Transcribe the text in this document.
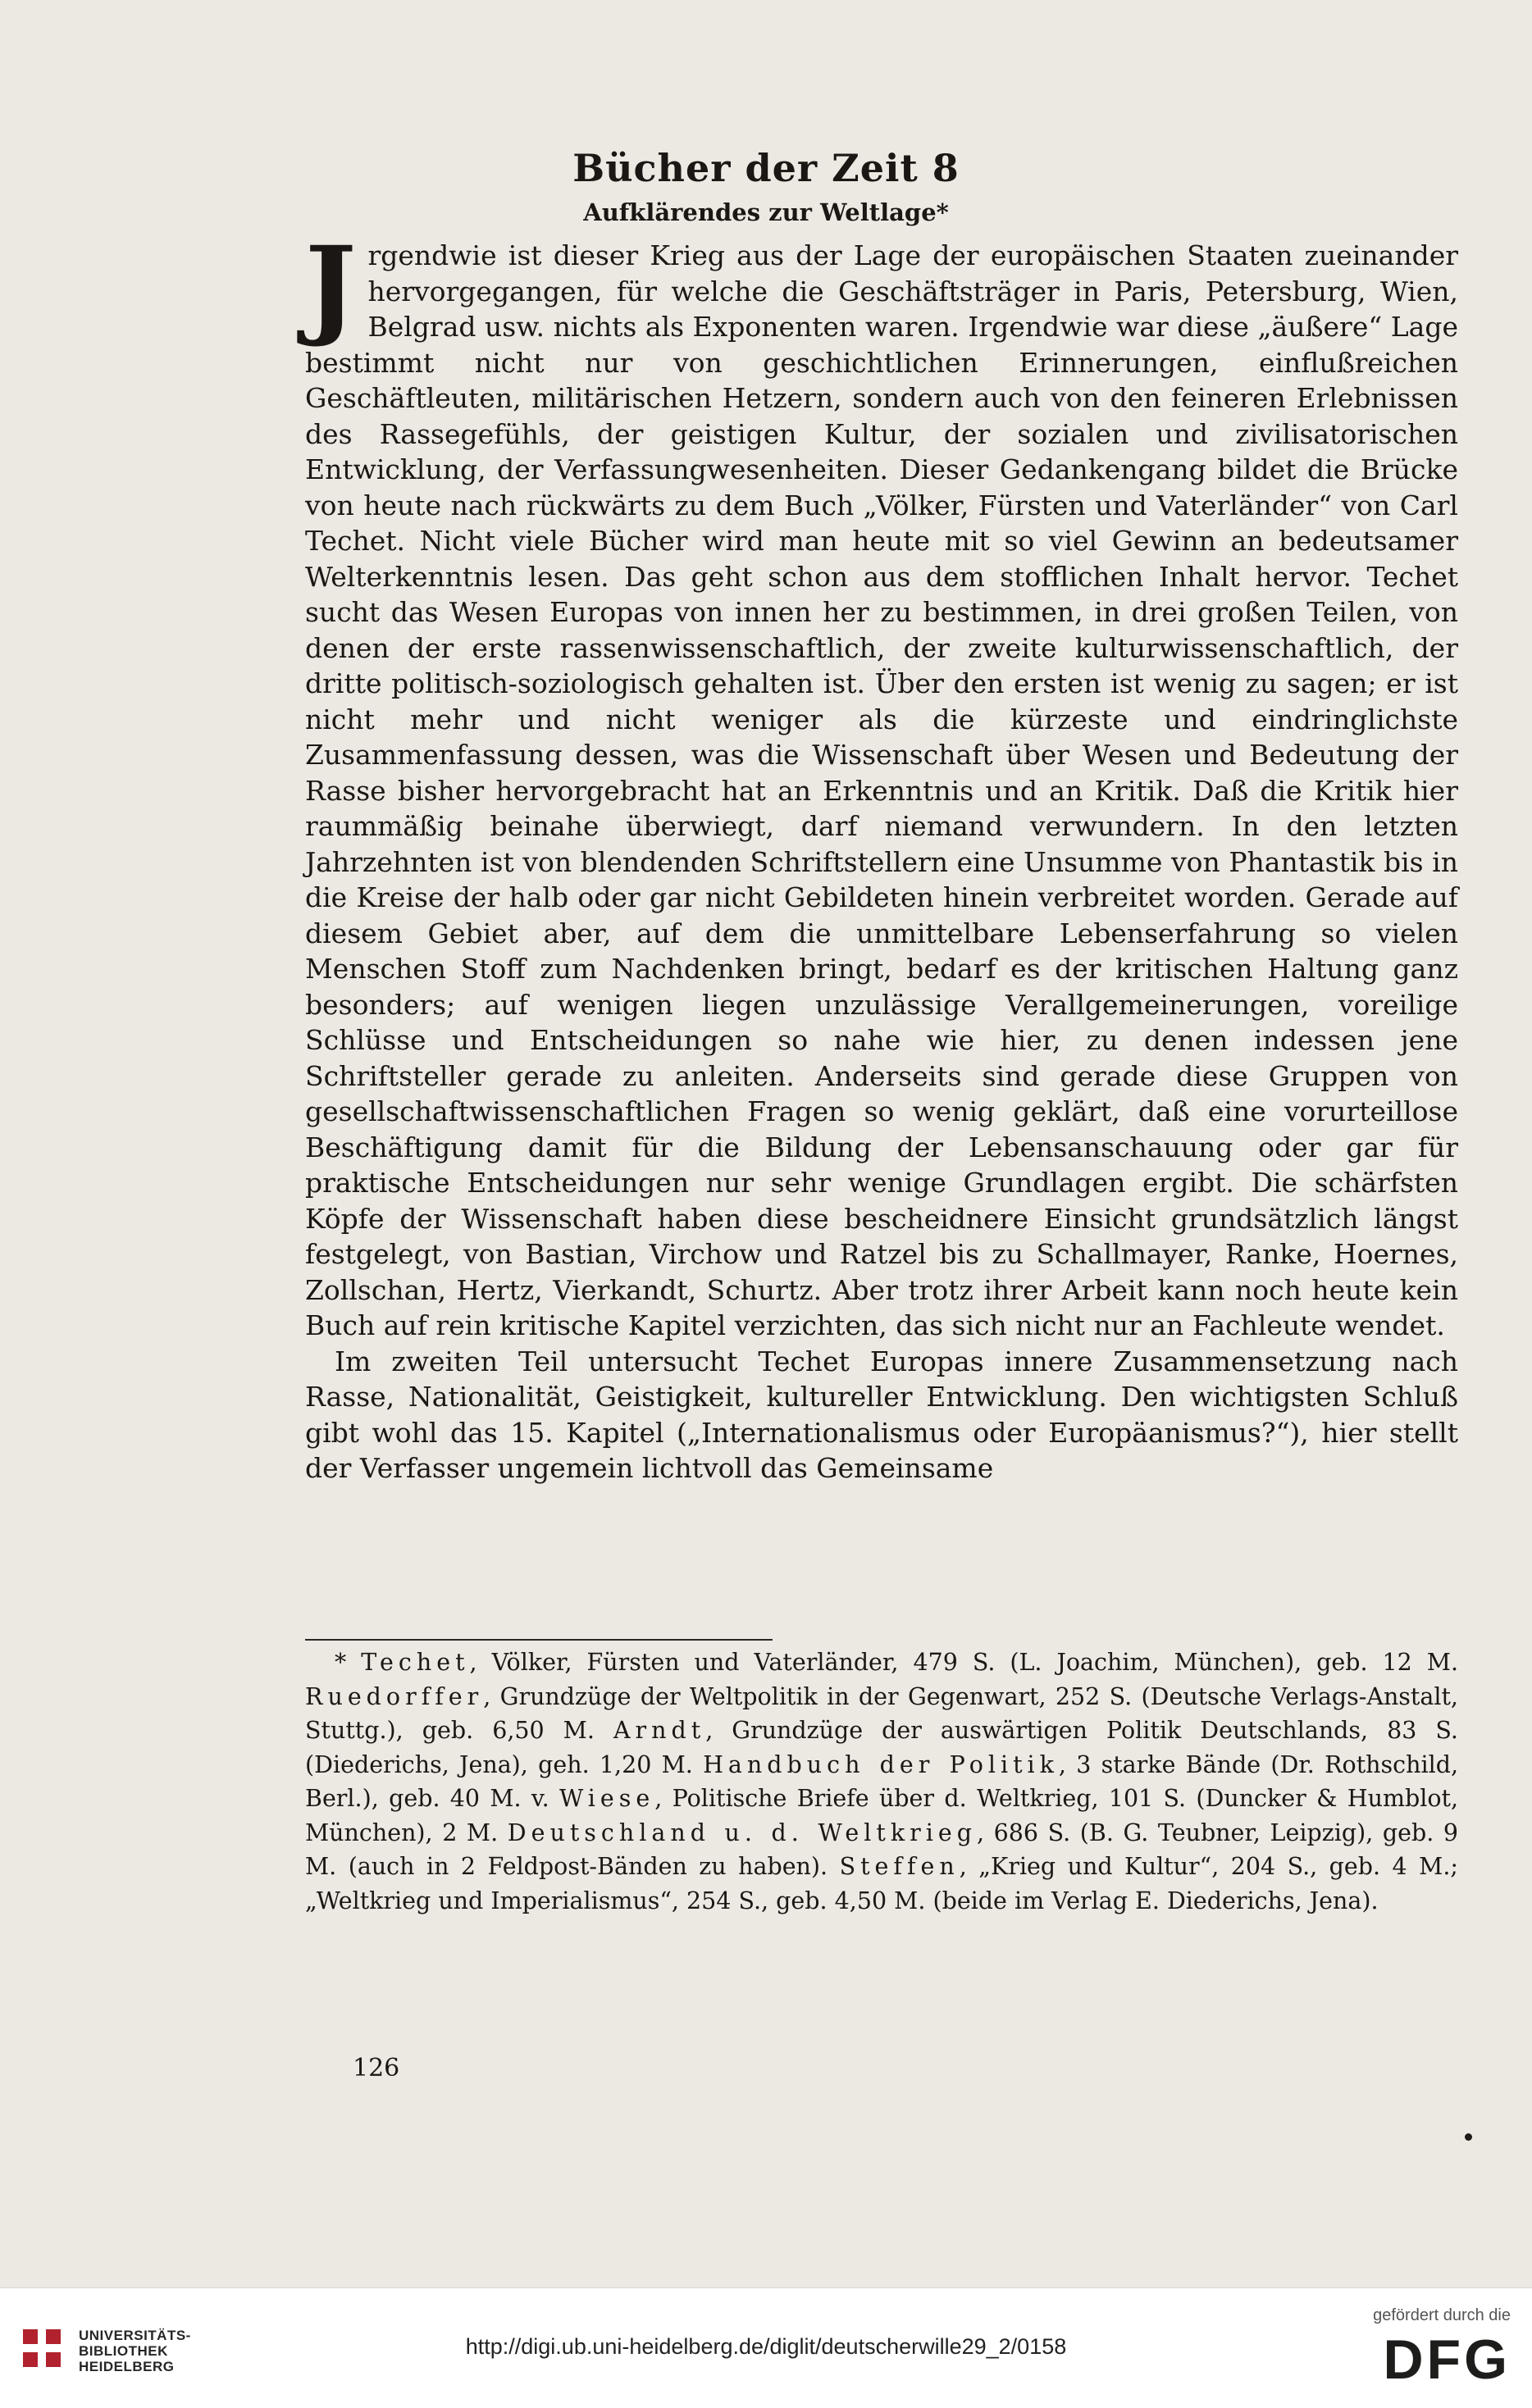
Bücher der Zeit 8
Aufklärendes zur Weltlage*

Jrgendwie ist dieser Krieg aus der Lage der europäischen Staaten zueinander hervorgegangen, für welche die Geschäftsträger in Paris, Petersburg, Wien, Belgrad usw. nichts als Exponenten waren. Irgendwie war diese „äußere“ Lage bestimmt nicht nur von geschichtlichen Erinnerungen, einflußreichen Geschäftleuten, militärischen Hetzern, sondern auch von den feineren Erlebnissen des Rassegefühls, der geistigen Kultur, der sozialen und zivilisatorischen Entwicklung, der Verfassungwesenheiten. Dieser Gedankengang bildet die Brücke von heute nach rückwärts zu dem Buch „Völker, Fürsten und Vaterländer“ von Carl Techet. Nicht viele Bücher wird man heute mit so viel Gewinn an bedeutsamer Welterkenntnis lesen. Das geht schon aus dem stofflichen Inhalt hervor. Techet sucht das Wesen Europas von innen her zu bestimmen, in drei großen Teilen, von denen der erste rassenwissenschaftlich, der zweite kulturwissenschaftlich, der dritte politisch-soziologisch gehalten ist. Über den ersten ist wenig zu sagen; er ist nicht mehr und nicht weniger als die kürzeste und eindringlichste Zusammenfassung dessen, was die Wissenschaft über Wesen und Bedeutung der Rasse bisher hervorgebracht hat an Erkenntnis und an Kritik. Daß die Kritik hier raummäßig beinahe überwiegt, darf niemand verwundern. In den letzten Jahrzehnten ist von blendenden Schriftstellern eine Unsumme von Phantastik bis in die Kreise der halb oder gar nicht Gebildeten hinein verbreitet worden. Gerade auf diesem Gebiet aber, auf dem die unmittelbare Lebenserfahrung so vielen Menschen Stoff zum Nachdenken bringt, bedarf es der kritischen Haltung ganz besonders; auf wenigen liegen unzulässige Verallgemeinerungen, voreilige Schlüsse und Entscheidungen so nahe wie hier, zu denen indessen jene Schriftsteller gerade zu anleiten. Anderseits sind gerade diese Gruppen von gesellschaftwissenschaftlichen Fragen so wenig geklärt, daß eine vorurteillose Beschäftigung damit für die Bildung der Lebensanschauung oder gar für praktische Entscheidungen nur sehr wenige Grundlagen ergibt. Die schärfsten Köpfe der Wissenschaft haben diese bescheidnere Einsicht grundsätzlich längst festgelegt, von Bastian, Virchow und Ratzel bis zu Schallmayer, Ranke, Hoernes, Zollschan, Hertz, Vierkandt, Schurtz. Aber trotz ihrer Arbeit kann noch heute kein Buch auf rein kritische Kapitel verzichten, das sich nicht nur an Fachleute wendet.

Im zweiten Teil untersucht Techet Europas innere Zusammensetzung nach Rasse, Nationalität, Geistigkeit, kultureller Entwicklung. Den wichtigsten Schluß gibt wohl das 15. Kapitel („Internationalismus oder Europäanismus?“), hier stellt der Verfasser ungemein lichtvoll das Gemeinsame

* Techet, Völker, Fürsten und Vaterländer, 479 S. (L. Joachim, München), geb. 12 M. Ruedorffer, Grundzüge der Weltpolitik in der Gegenwart, 252 S. (Deutsche Verlags-Anstalt, Stuttg.), geb. 6,50 M. Arndt, Grundzüge der auswärtigen Politik Deutschlands, 83 S. (Diederichs, Jena), geh. 1,20 M. Handbuch der Politik, 3 starke Bände (Dr. Rothschild, Berl.), geb. 40 M. v. Wiese, Politische Briefe über d. Weltkrieg, 101 S. (Duncker & Humblot, München), 2 M. Deutschland u. d. Weltkrieg, 686 S. (B. G. Teubner, Leipzig), geb. 9 M. (auch in 2 Feldpost-Bänden zu haben). Steffen, „Krieg und Kultur“, 204 S., geb. 4 M.; „Weltkrieg und Imperialismus“, 254 S., geb. 4,50 M. (beide im Verlag E. Diederichs, Jena).

126
UNIVERSITÄTS-
BIBLIOTHEK
HEIDELBERG
http://digi.ub.uni-heidelberg.de/diglit/deutscherwille29_2/0158
gefördert durch die
DFG
